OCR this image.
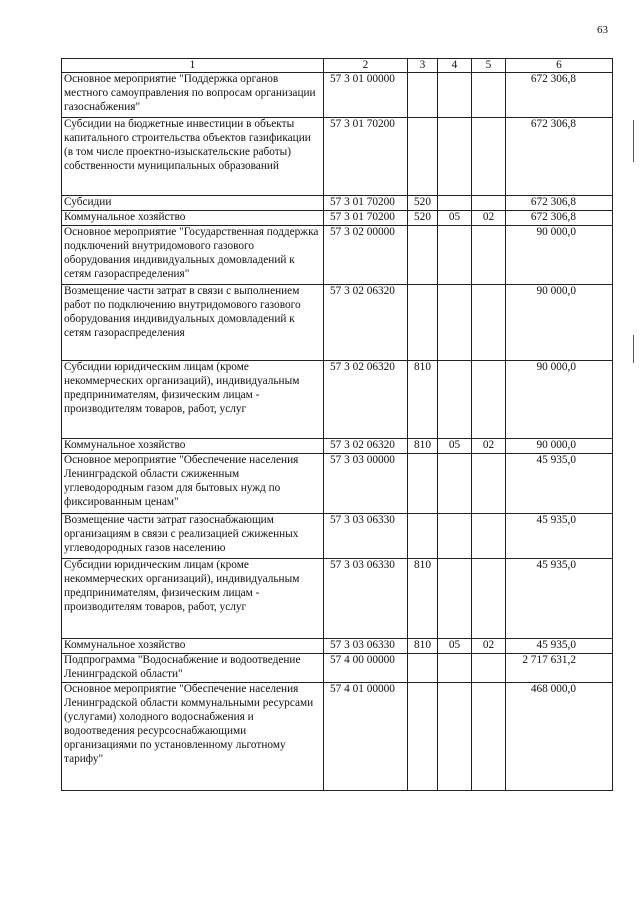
63
1	2	3	4	5	6
Основное мероприятие "Поддержка органов местного самоуправления по вопросам организации газоснабжения"	57 3 01 00000				672 306,8
Субсидии на бюджетные инвестиции в объекты капитального строительства объектов газификации (в том числе проектно-изыскательские работы) собственности муниципальных образований	57 3 01 70200				672 306,8
Субсидии	57 3 01 70200	520			672 306,8
Коммунальное хозяйство	57 3 01 70200	520	05	02	672 306,8
Основное мероприятие "Государственная поддержка подключений внутридомового газового оборудования индивидуальных домовладений к сетям газораспределения"	57 3 02 00000				90 000,0
Возмещение части затрат в связи с выполнением работ по подключению внутридомового газового оборудования индивидуальных домовладений к сетям газораспределения	57 3 02 06320				90 000,0
Субсидии юридическим лицам (кроме некоммерческих организаций), индивидуальным предпринимателям, физическим лицам - производителям товаров, работ, услуг	57 3 02 06320	810			90 000,0
Коммунальное хозяйство	57 3 02 06320	810	05	02	90 000,0
Основное мероприятие "Обеспечение населения Ленинградской области сжиженным углеводородным газом для бытовых нужд по фиксированным ценам"	57 3 03 00000				45 935,0
Возмещение части затрат газоснабжающим организациям в связи с реализацией сжиженных углеводородных газов населению	57 3 03 06330				45 935,0
Субсидии юридическим лицам (кроме некоммерческих организаций), индивидуальным предпринимателям, физическим лицам - производителям товаров, работ, услуг	57 3 03 06330	810			45 935,0
Коммунальное хозяйство	57 3 03 06330	810	05	02	45 935,0
Подпрограмма "Водоснабжение и водоотведение Ленинградской области"	57 4 00 00000				2 717 631,2
Основное мероприятие "Обеспечение населения Ленинградской области коммунальными ресурсами (услугами) холодного водоснабжения и водоотведения ресурсоснабжающими организациями по установленному льготному тарифу"	57 4 01 00000				468 000,0
